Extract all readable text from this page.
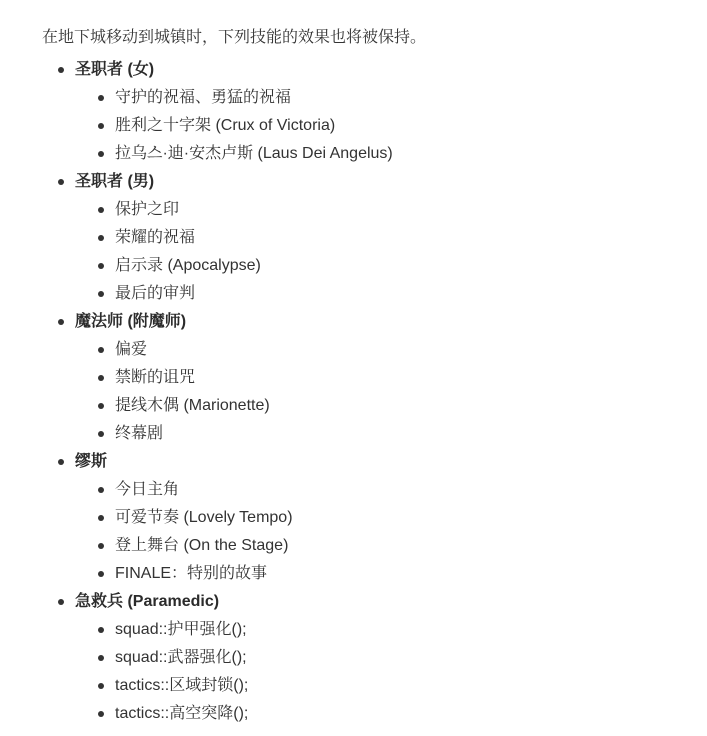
在地下城移动到城镇时，下列技能的效果也将被保持。

圣职者 (女)
守护的祝福、勇猛的祝福
胜利之十字架 (Crux of Victoria)
拉乌스·迪·安杰卢斯 (Laus Dei Angelus)
圣职者 (男)
保护之印
荣耀的祝福
启示录 (Apocalypse)
最后的审判
魔法师 (附魔师)
偏爱
禁断的诅咒
提线木偶 (Marionette)
终幕剧
缪斯
今日主角
可爱节奏 (Lovely Tempo)
登上舞台 (On the Stage)
FINALE：特别的故事
急救兵 (Paramedic)
squad::护甲强化();
squad::武器强化();
tactics::区域封锁();
tactics::高空突降();
